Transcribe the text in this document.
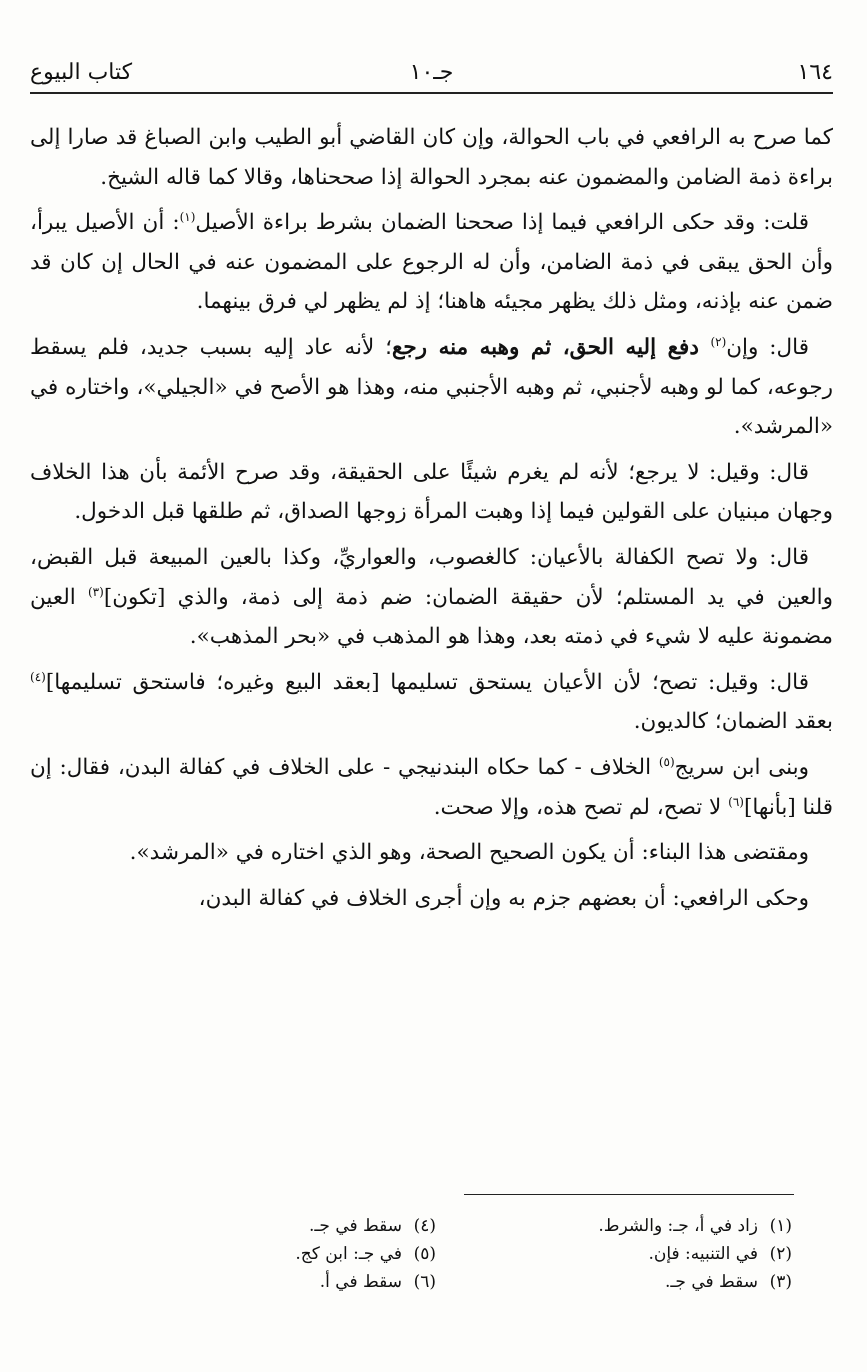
كتاب البيوع	جـ١٠	١٦٤

كما صرح به الرافعي في باب الحوالة، وإن كان القاضي أبو الطيب وابن الصباغ قد صارا إلى براءة ذمة الضامن والمضمون عنه بمجرد الحوالة إذا صححناها، وقالا كما قاله الشيخ.

قلت: وقد حكى الرافعي فيما إذا صححنا الضمان بشرط براءة الأصيل$^{(١)}$: أن الأصيل يبرأ، وأن الحق يبقى في ذمة الضامن، وأن له الرجوع على المضمون عنه في الحال إن كان قد ضمن عنه بإذنه، ومثل ذلك يظهر مجيئه هاهنا؛ إذ لم يظهر لي فرق بينهما.

قال: وإن$^{(٢)}$ دفع إليه الحق، ثم وهبه منه رجع؛ لأنه عاد إليه بسبب جديد، فلم يسقط رجوعه، كما لو وهبه لأجنبي، ثم وهبه الأجنبي منه، وهذا هو الأصح في «الجيلي»، واختاره في «المرشد».

قال: وقيل: لا يرجع؛ لأنه لم يغرم شيئًا على الحقيقة، وقد صرح الأئمة بأن هذا الخلاف وجهان مبنيان على القولين فيما إذا وهبت المرأة زوجها الصداق، ثم طلقها قبل الدخول.

قال: ولا تصح الكفالة بالأعيان: كالغصوب، والعواريِّ، وكذا بالعين المبيعة قبل القبض، والعين في يد المستلم؛ لأن حقيقة الضمان: ضم ذمة إلى ذمة، والذي [تكون]$^{(٣)}$ العين مضمونة عليه لا شيء في ذمته بعد، وهذا هو المذهب في «بحر المذهب».

قال: وقيل: تصح؛ لأن الأعيان يستحق تسليمها [بعقد البيع وغيره؛ فاستحق تسليمها]$^{(٤)}$ بعقد الضمان؛ كالديون.

وبنى ابن سريج$^{(٥)}$ الخلاف - كما حكاه البندنيجي - على الخلاف في كفالة البدن، فقال: إن قلنا [بأنها]$^{(٦)}$ لا تصح، لم تصح هذه، وإلا صحت.

ومقتضى هذا البناء: أن يكون الصحيح الصحة، وهو الذي اختاره في «المرشد».

وحكى الرافعي: أن بعضهم جزم به وإن أجرى الخلاف في كفالة البدن،

(١)زاد في أ، جـ: والشرط.
(٢)في التنبيه: فإن.
(٣)سقط في جـ.
(٤)سقط في جـ.
(٥)في جـ: ابن كج.
(٦)سقط في أ.
